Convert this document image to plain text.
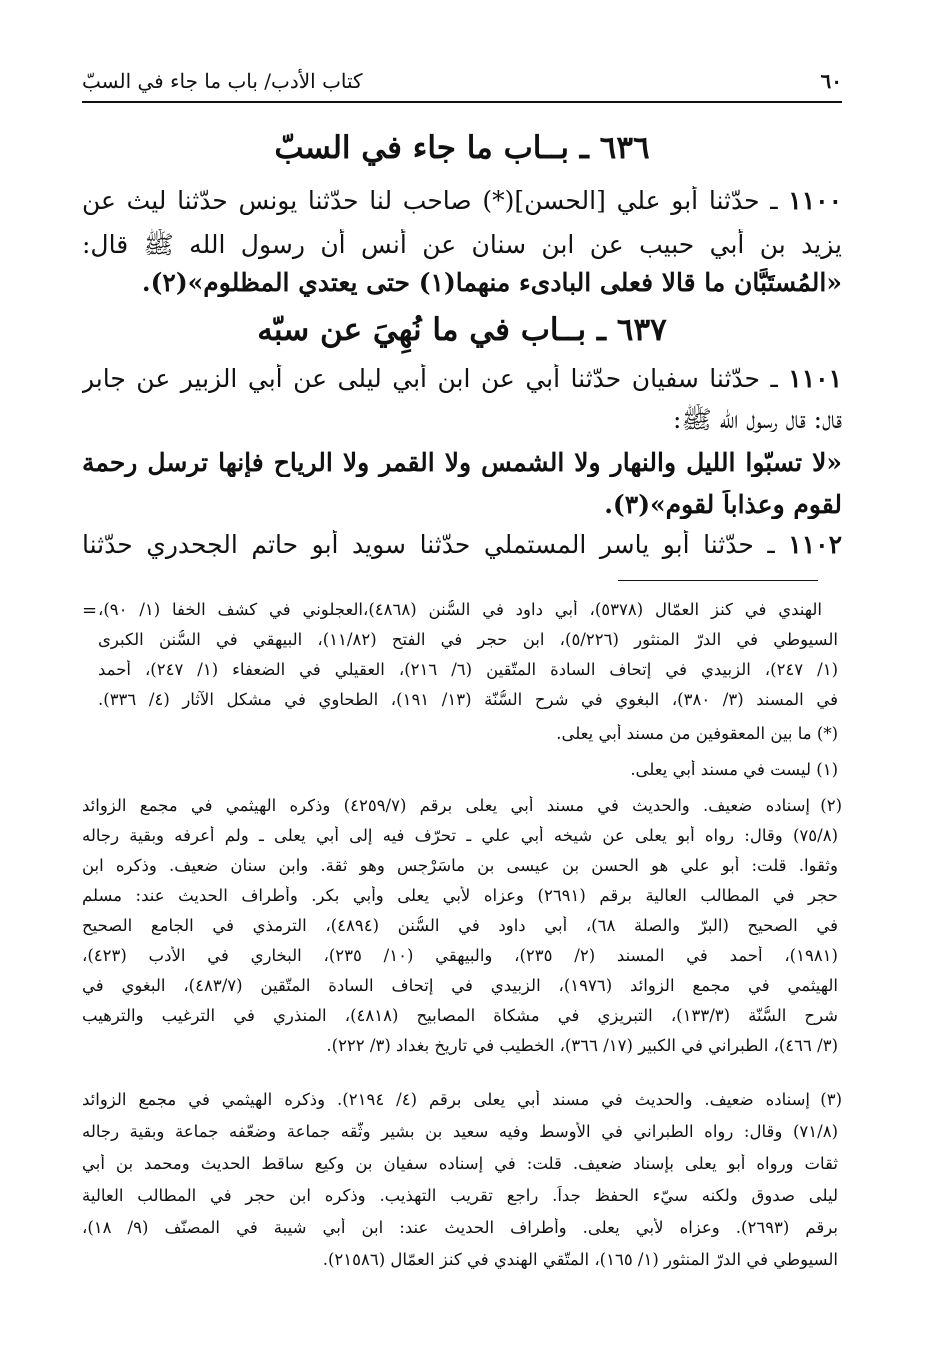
٦٠
كتاب الأدب/ باب ما جاء في السبّ
٦٣٦ ـ بــاب ما جاء في السبّ
١١٠٠ ـ حدّثنا أبو علي [الحسن](*) صاحب لنا حدّثنا يونس حدّثنا ليث عن
يزيد بن أبي حبيب عن ابن سنان عن أنس أن رسول الله ﷺ قال:
«المُستَبَّان ما قالا فعلى البادىء منهما(١) حتى يعتدي المظلوم»(٢).
٦٣٧ ـ بــاب في ما نُهِيَ عن سبّه
١١٠١ ـ حدّثنا سفيان حدّثنا أبي عن ابن أبي ليلى عن أبي الزبير عن جابر
قال: قال رسول الله ﷺ:
«لا تسبّوا الليل والنهار ولا الشمس ولا القمر ولا الرياح فإنها ترسل رحمة
لقوم وعذاباً لقوم»(٣).
١١٠٢ ـ حدّثنا أبو ياسر المستملي حدّثنا سويد أبو حاتم الجحدري حدّثنا
= الهندي في كنز العمّال (٥٣٧٨)، أبي داود في السُّنن (٤٨٦٨)،العجلوني في كشف الخفا (١/ ٩٠)،
السيوطي في الدرّ المنثور (٥/٢٢٦)، ابن حجر في الفتح (١١/٨٢)، البيهقي في السُّنن الكبرى
(١/ ٢٤٧)، الزبيدي في إتحاف السادة المتّقين (٦/ ٢١٦)، العقيلي في الضعفاء (١/ ٢٤٧)، أحمد
في المسند (٣/ ٣٨٠)، البغوي في شرح السُّنّة (١٣/ ١٩١)، الطحاوي في مشكل الآثار (٤/ ٣٣٦).
(*) ما بين المعقوفين من مسند أبي يعلى.
(١) ليست في مسند أبي يعلى.
(٢)
إسناده ضعيف. والحديث في مسند أبي يعلى برقم (٤٢٥٩/٧) وذكره الهيثمي في مجمع الزوائد
(٧٥/٨) وقال: رواه أبو يعلى عن شيخه أبي علي ـ تحرّف فيه إلى أبي يعلى ـ ولم أعرفه وبقية رجاله
وثقوا. قلت: أبو علي هو الحسن بن عيسى بن ماسَرْجِس وهو ثقة. وابن سنان ضعيف. وذكره ابن
حجر في المطالب العالية برقم (٢٦٩١) وعزاه لأبي يعلى وأبي بكر. وأطراف الحديث عند: مسلم
في الصحيح (البرّ والصلة ٦٨)، أبي داود في السُّنن (٤٨٩٤)، الترمذي في الجامع الصحيح
(١٩٨١)، أحمد في المسند (٢/ ٢٣٥)، والبيهقي (١٠/ ٢٣٥)، البخاري في الأدب (٤٢٣)،
الهيثمي في مجمع الزوائد (١٩٧٦)، الزبيدي في إتحاف السادة المتّقين (٤٨٣/٧)، البغوي في
شرح السُّنّة (١٣٣/٣)، التبريزي في مشكاة المصابيح (٤٨١٨)، المنذري في الترغيب والترهيب
(٣/ ٤٦٦)، الطبراني في الكبير (١٧/ ٣٦٦)، الخطيب في تاريخ بغداد (٣/ ٢٢٢).
(٣)
إسناده ضعيف. والحديث في مسند أبي يعلى برقم (٤/ ٢١٩٤). وذكره الهيثمي في مجمع الزوائد
(٧١/٨) وقال: رواه الطبراني في الأوسط وفيه سعيد بن بشير وثّقه جماعة وضعّفه جماعة وبقية رجاله
ثقات ورواه أبو يعلى بإسناد ضعيف. قلت: في إسناده سفيان بن وكيع ساقط الحديث ومحمد بن أبي
ليلى صدوق ولكنه سيّء الحفظ جداً. راجع تقريب التهذيب. وذكره ابن حجر في المطالب العالية
برقم (٢٦٩٣). وعزاه لأبي يعلى. وأطراف الحديث عند: ابن أبي شيبة في المصنّف (٩/ ١٨)،
السيوطي في الدرّ المنثور (١/ ١٦٥)، المتّقي الهندي في كنز العمّال (٢١٥٨٦).
